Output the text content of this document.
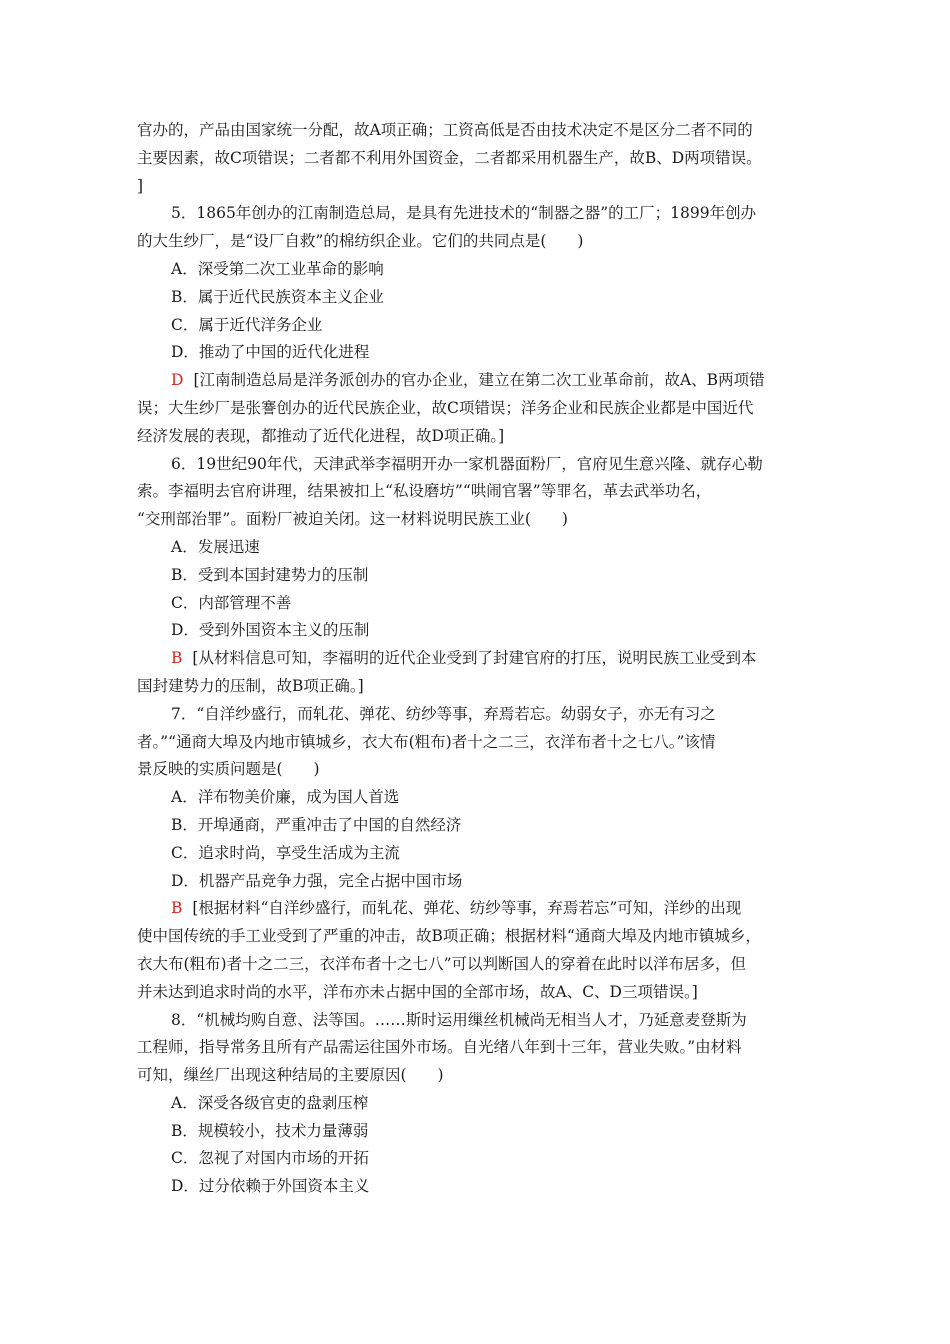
官办的，产品由国家统一分配，故A项正确；工资高低是否由技术决定不是区分二者不同的
主要因素，故C项错误；二者都不利用外国资金，二者都采用机器生产，故B、D两项错误。
]
5．1865年创办的江南制造总局，是具有先进技术的“制器之器”的工厂；1899年创办
的大生纱厂，是“设厂自救”的棉纺织企业。它们的共同点是(　　)
A．深受第二次工业革命的影响
B．属于近代民族资本主义企业
C．属于近代洋务企业
D．推动了中国的近代化进程
D [江南制造总局是洋务派创办的官办企业，建立在第二次工业革命前，故A、B两项错
误；大生纱厂是张謇创办的近代民族企业，故C项错误；洋务企业和民族企业都是中国近代
经济发展的表现，都推动了近代化进程，故D项正确。]
6．19世纪90年代，天津武举李福明开办一家机器面粉厂，官府见生意兴隆、就存心勒
索。李福明去官府讲理，结果被扣上“私设磨坊”“哄闹官署”等罪名，革去武举功名，
“交刑部治罪”。面粉厂被迫关闭。这一材料说明民族工业(　　)
A．发展迅速
B．受到本国封建势力的压制
C．内部管理不善
D．受到外国资本主义的压制
B [从材料信息可知，李福明的近代企业受到了封建官府的打压，说明民族工业受到本
国封建势力的压制，故B项正确。]
7．“自洋纱盛行，而轧花、弹花、纺纱等事，弃焉若忘。幼弱女子，亦无有习之
者。”“通商大埠及内地市镇城乡，衣大布(粗布)者十之二三，衣洋布者十之七八。”该情
景反映的实质问题是(　　)
A．洋布物美价廉，成为国人首选
B．开埠通商，严重冲击了中国的自然经济
C．追求时尚，享受生活成为主流
D．机器产品竞争力强，完全占据中国市场
B [根据材料“自洋纱盛行，而轧花、弹花、纺纱等事，弃焉若忘”可知，洋纱的出现
使中国传统的手工业受到了严重的冲击，故B项正确；根据材料“通商大埠及内地市镇城乡，
衣大布(粗布)者十之二三，衣洋布者十之七八”可以判断国人的穿着在此时以洋布居多，但
并未达到追求时尚的水平，洋布亦未占据中国的全部市场，故A、C、D三项错误。]
8．“机械均购自意、法等国。……斯时运用缫丝机械尚无相当人才，乃延意麦登斯为
工程师，指导常务且所有产品需运往国外市场。自光绪八年到十三年，营业失败。”由材料
可知，缫丝厂出现这种结局的主要原因(　　)
A．深受各级官吏的盘剥压榨
B．规模较小，技术力量薄弱
C．忽视了对国内市场的开拓
D．过分依赖于外国资本主义
